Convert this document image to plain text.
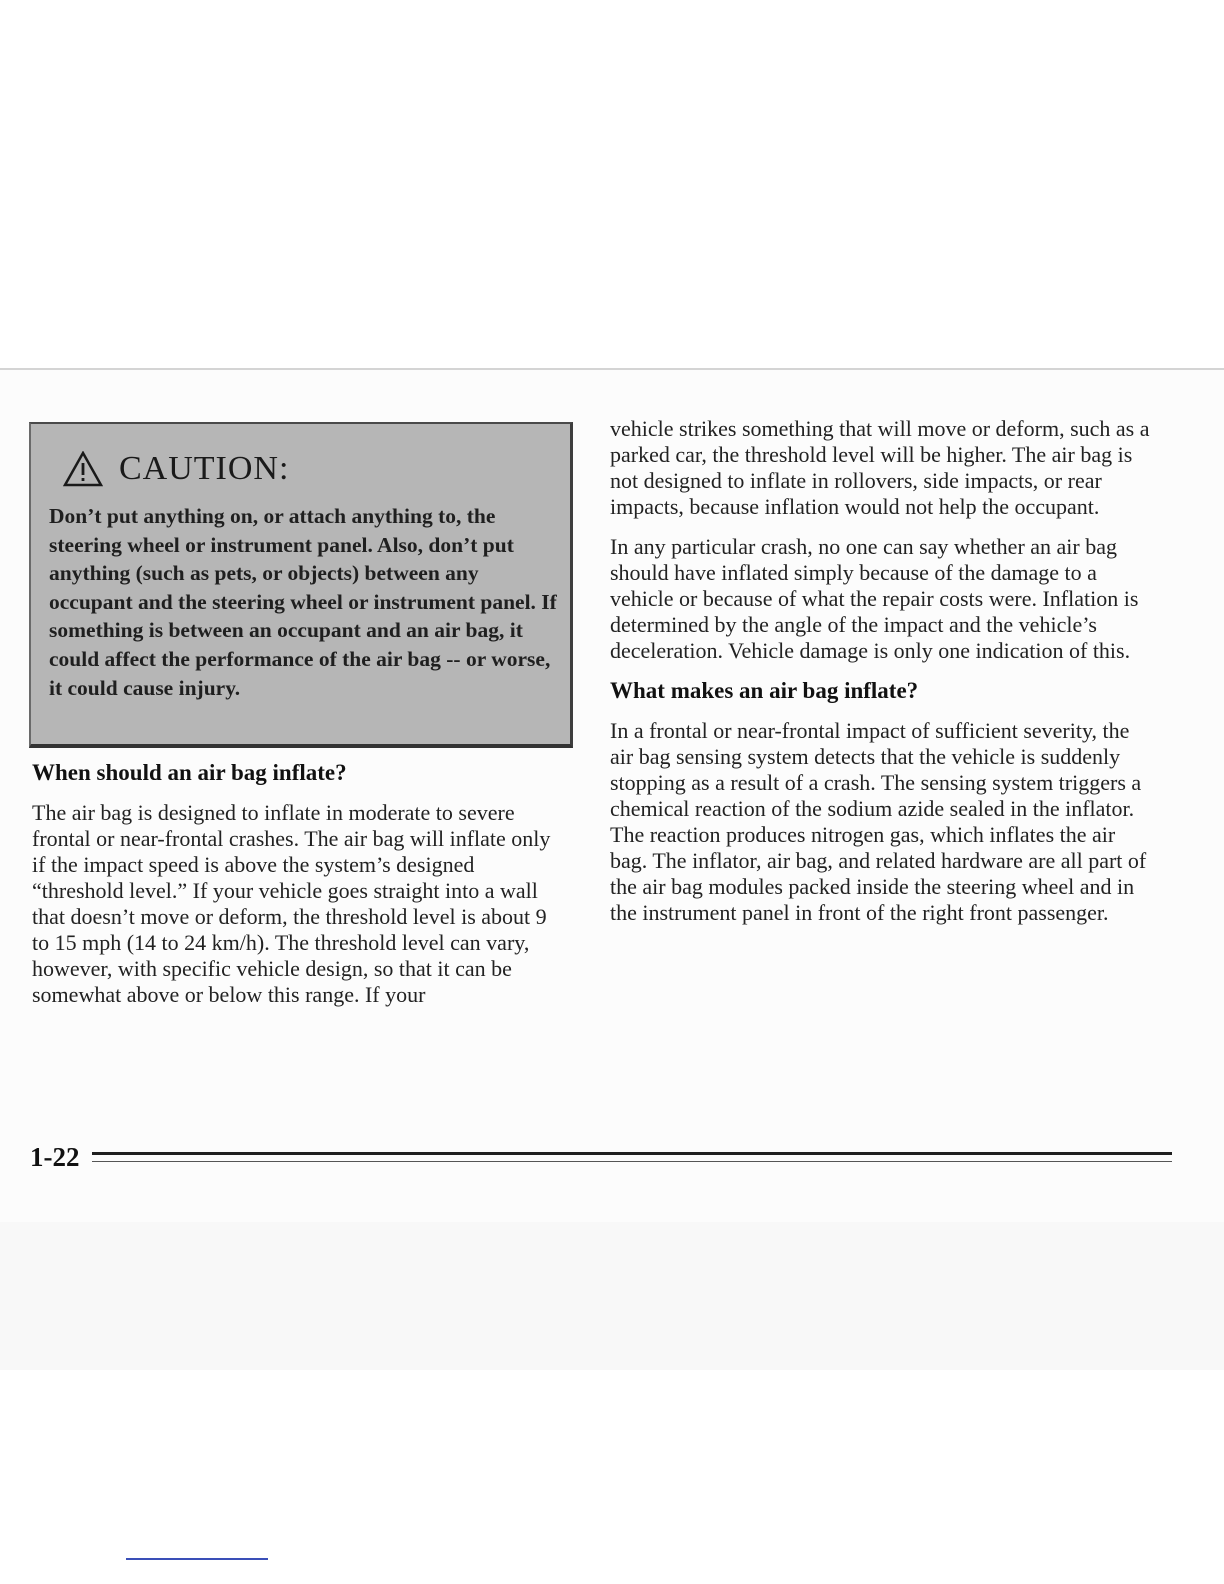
CAUTION:
Don’t put anything on, or attach anything to, the steering wheel or instrument panel. Also, don’t put anything (such as pets, or objects) between any occupant and the steering wheel or instrument panel. If something is between an occupant and an air bag, it could affect the performance of the air bag -- or worse, it could cause injury.

When should an air bag inflate?

The air bag is designed to inflate in moderate to severe frontal or near-frontal crashes. The air bag will inflate only if the impact speed is above the system’s designed “threshold level.” If your vehicle goes straight into a wall that doesn’t move or deform, the threshold level is about 9 to 15 mph (14 to 24 km/h). The threshold level can vary, however, with specific vehicle design, so that it can be somewhat above or below this range. If your

vehicle strikes something that will move or deform, such as a parked car, the threshold level will be higher. The air bag is not designed to inflate in rollovers, side impacts, or rear impacts, because inflation would not help the occupant.

In any particular crash, no one can say whether an air bag should have inflated simply because of the damage to a vehicle or because of what the repair costs were. Inflation is determined by the angle of the impact and the vehicle’s deceleration. Vehicle damage is only one indication of this.

What makes an air bag inflate?

In a frontal or near-frontal impact of sufficient severity, the air bag sensing system detects that the vehicle is suddenly stopping as a result of a crash. The sensing system triggers a chemical reaction of the sodium azide sealed in the inflator. The reaction produces nitrogen gas, which inflates the air bag. The inflator, air bag, and related hardware are all part of the air bag modules packed inside the steering wheel and in the instrument panel in front of the right front passenger.

1-22
